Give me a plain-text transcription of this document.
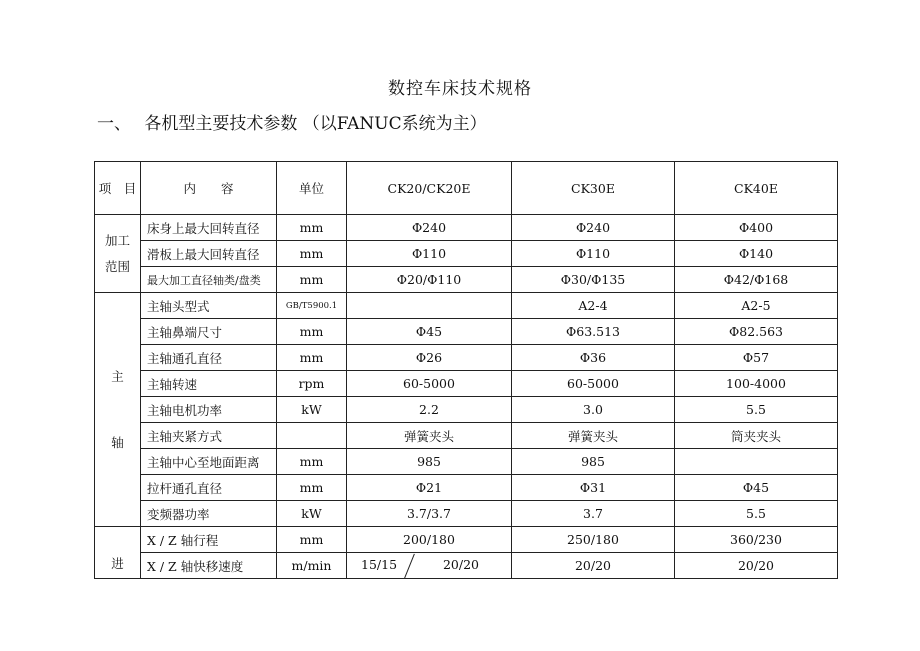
数控车床技术规格
一、 各机型主要技术参数 （以FANUC系统为主）
项　目	内　　容	单位	CK20/CK20E	CK30E	CK40E

加工
范围	床身上最大回转直径	mm	Φ240	Φ240	Φ400
	滑板上最大回转直径	mm	Φ110	Φ110	Φ140
	最大加工直径轴类/盘类	mm	Φ20/Φ110	Φ30/Φ135	Φ42/Φ168

主
轴	主轴头型式	GB/T5900.1		A2-4	A2-5
	主轴鼻端尺寸	mm	Φ45	Φ63.513	Φ82.563
	主轴通孔直径	mm	Φ26	Φ36	Φ57
	主轴转速	rpm	60-5000	60-5000	100-4000
	主轴电机功率	kW	2.2	3.0	5.5
	主轴夹紧方式		弹簧夹头	弹簧夹头	筒夹夹头
	主轴中心至地面距离	mm	985	985	
	拉杆通孔直径	mm	Φ21	Φ31	Φ45
	变频器功率	kW	3.7/3.7	3.7	5.5

进	X / Z 轴行程	mm	200/180	250/180	360/230
	X / Z 轴快移速度	m/min	15/15 20/20	20/20	20/20
